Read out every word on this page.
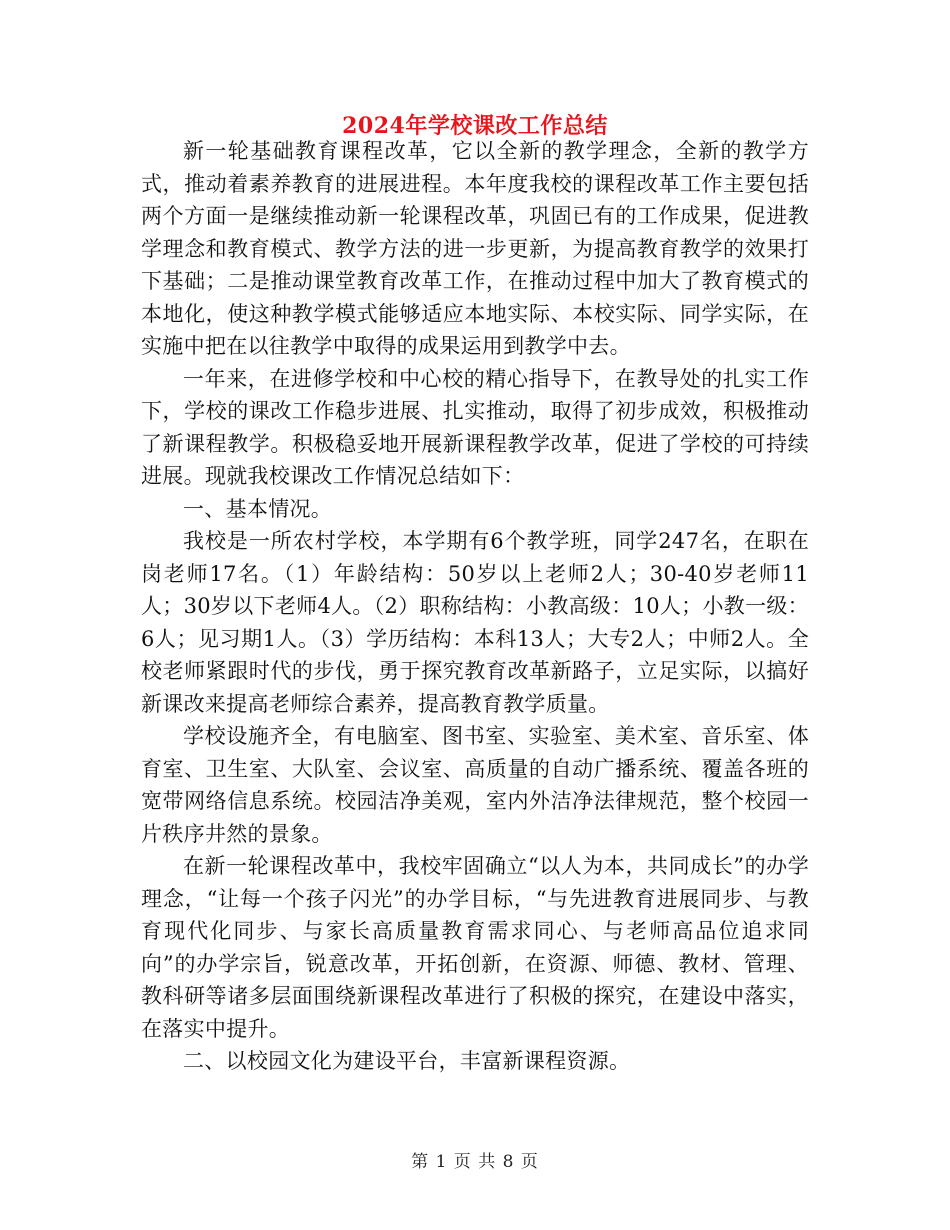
2024年学校课改工作总结

新一轮基础教育课程改革，它以全新的教学理念，全新的教学方式，推动着素养教育的进展进程。本年度我校的课程改革工作主要包括两个方面一是继续推动新一轮课程改革，巩固已有的工作成果，促进教学理念和教育模式、教学方法的进一步更新，为提高教育教学的效果打下基础；二是推动课堂教育改革工作，在推动过程中加大了教育模式的本地化，使这种教学模式能够适应本地实际、本校实际、同学实际，在实施中把在以往教学中取得的成果运用到教学中去。

一年来，在进修学校和中心校的精心指导下，在教导处的扎实工作下，学校的课改工作稳步进展、扎实推动，取得了初步成效，积极推动了新课程教学。积极稳妥地开展新课程教学改革，促进了学校的可持续进展。现就我校课改工作情况总结如下：

一、基本情况。

我校是一所农村学校，本学期有6个教学班，同学247名，在职在岗老师17名。（1）年龄结构：50岁以上老师2人；30-40岁老师11人；30岁以下老师4人。（2）职称结构：小教高级：10人；小教一级：6人；见习期1人。（3）学历结构：本科13人；大专2人；中师2人。全校老师紧跟时代的步伐，勇于探究教育改革新路子，立足实际，以搞好新课改来提高老师综合素养，提高教育教学质量。

学校设施齐全，有电脑室、图书室、实验室、美术室、音乐室、体育室、卫生室、大队室、会议室、高质量的自动广播系统、覆盖各班的宽带网络信息系统。校园洁净美观，室内外洁净法律规范，整个校园一片秩序井然的景象。

在新一轮课程改革中，我校牢固确立“以人为本，共同成长”的办学理念，“让每一个孩子闪光”的办学目标，“与先进教育进展同步、与教育现代化同步、与家长高质量教育需求同心、与老师高品位追求同向”的办学宗旨，锐意改革，开拓创新，在资源、师德、教材、管理、教科研等诸多层面围绕新课程改革进行了积极的探究，在建设中落实，在落实中提升。

二、以校园文化为建设平台，丰富新课程资源。

第 1 页 共 8 页
